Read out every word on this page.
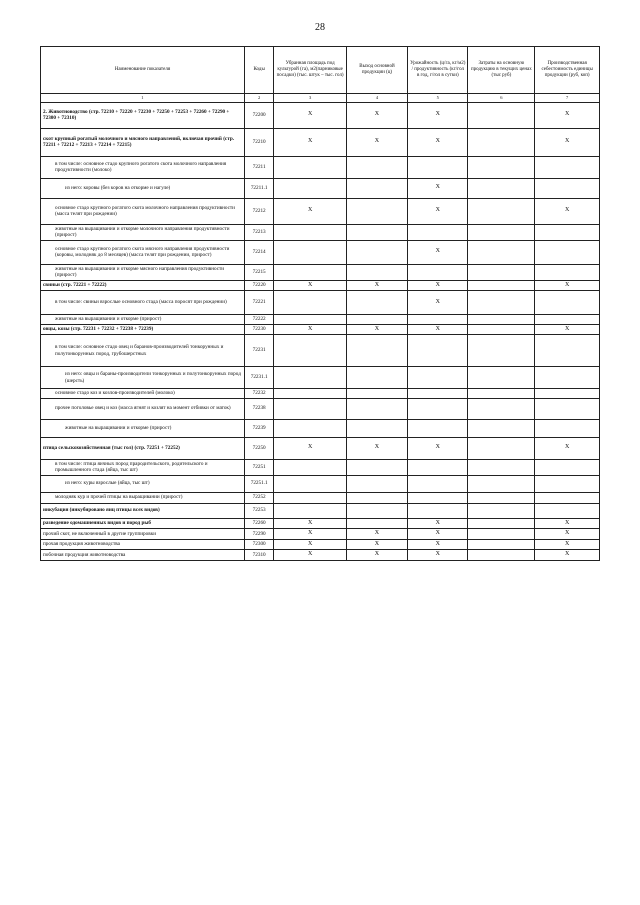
28
Наименование показателя	Коды	Убранная площадь под культурой (га), м2(парниковые посадки) (тыс. штук – тыс. гол)	Выход основной продукции (ц)	Урожайность (ц/га, кг/м2) / продуктивность (кг/гол в год, г/гол в сутки)	Затраты на основную продукцию в текущих ценах (тыс руб)	Производственная себестоимость единицы продукции (руб, коп)
1	2	3	4	5	6	7
2. Животноводство (стр. 72210 + 72220 + 72230 + 72250 + 72253 + 72260 + 72290 + 72300 + 72310)	72200	X	X	X		X
скот крупный рогатый молочного и мясного направлений, включая прочий (стр. 72211 + 72212 + 72213 + 72214 + 72215)	72210	X	X	X		X
в том числе: основное стадо крупного рогатого скота молочного направления продуктивности (молоко)	72211					
из него: коровы (без коров на откорме и нагуле)	72211.1			X		
основное стадо крупного рогатого скота молочного направления продуктивности (масса телят при рождении)	72212	X		X		X
животные на выращивании и откорме молочного направления продуктивности (прирост)	72213					
основное стадо крупного рогатого скота мясного направления продуктивности (коровы, молодняк до 8 месяцев) (масса телят при рождении, прирост)	72214			X		
животные на выращивании и откорме мясного направления продуктивности (прирост)	72215					
свиньи (стр. 72221 + 72222)	72220	X	X	X		X
в том числе: свиньи взрослые основного стада (масса поросят при рождении)	72221			X		
животные на выращивании и откорме (прирост)	72222					
овцы, козы (стр. 72231 + 72232 + 72238 + 72239)	72230	X	X	X		X
в том числе: основное стадо овец и баранов-производителей тонкорунных и полутонкорунных пород, грубошерстных	72231					
из него: овцы и бараны-производители тонкорунных и полутонкорунных пород (шерсть)	72231.1					
основное стадо коз и козлов-производителей (молоко)	72232					
прочее поголовье овец и коз (масса ягнят и козлят на момент отбивки от маток)	72238					
животные на выращивании и откорме (прирост)	72239					
птица сельскохозяйственная (тыс гол) (стр. 72251 + 72252)	72250	X	X	X		X
в том числе: птица яичных пород прародительского, родительского и промышленного стада (яйца, тыс шт)	72251					
из него: куры взрослые (яйца, тыс шт)	72251.1					
молодняк кур и прочей птицы на выращивании (прирост)	72252					
инкубация (инкубировано яиц птицы всех видов)	72253					
разведение одомашненных видов и пород рыб	72260	X		X		X
прочий скот, не включенный в другие группировки	72290	X	X	X		X
прочая продукция животноводства	72300	X	X	X		X
побочная продукция животноводства	72310	X	X	X		X
